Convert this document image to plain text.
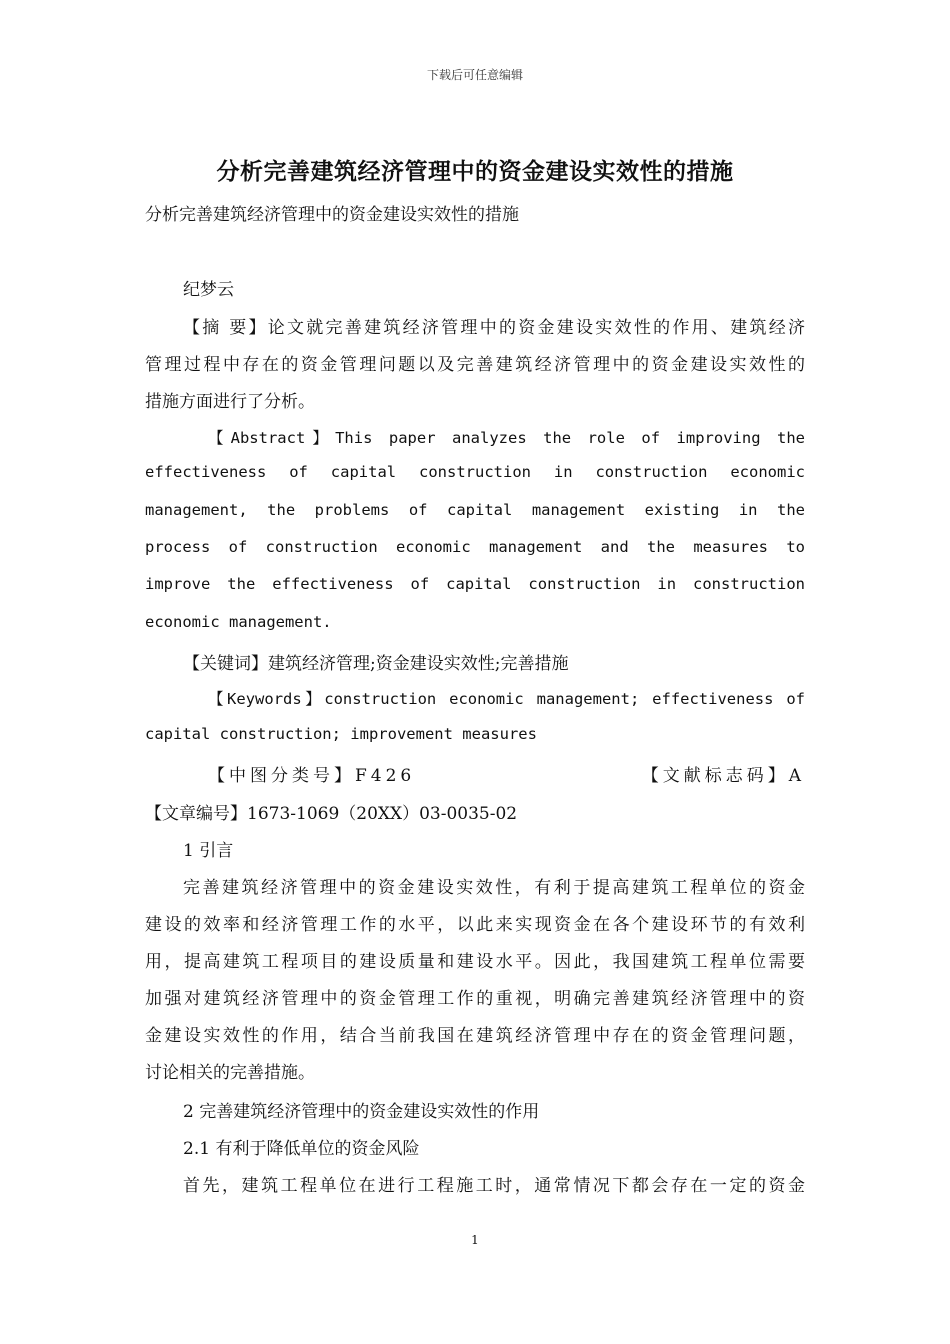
下载后可任意编辑
分析完善建筑经济管理中的资金建设实效性的措施
分析完善建筑经济管理中的资金建设实效性的措施
纪梦云
【摘 要】论文就完善建筑经济管理中的资金建设实效性的作用、建筑经济
管理过程中存在的资金管理问题以及完善建筑经济管理中的资金建设实效性的
措施方面进行了分析。
【Abstract】This paper analyzes the role of improving the
effectiveness of capital construction in construction economic
management, the problems of capital management existing in the
process of construction economic management and the measures to
improve the effectiveness of capital construction in construction
economic management.
【关键词】建筑经济管理;资金建设实效性;完善措施
【Keywords】construction economic management; effectiveness of
capital construction; improvement measures
【中图分类号】F426	【文献标志码】A
【文章编号】1673-1069（20XX）03-0035-02
1 引言
完善建筑经济管理中的资金建设实效性，有利于提高建筑工程单位的资金
建设的效率和经济管理工作的水平，以此来实现资金在各个建设环节的有效利
用，提高建筑工程项目的建设质量和建设水平。因此，我国建筑工程单位需要
加强对建筑经济管理中的资金管理工作的重视，明确完善建筑经济管理中的资
金建设实效性的作用，结合当前我国在建筑经济管理中存在的资金管理问题，
讨论相关的完善措施。
2 完善建筑经济管理中的资金建设实效性的作用
2.1 有利于降低单位的资金风险
首先，建筑工程单位在进行工程施工时，通常情况下都会存在一定的资金
1
